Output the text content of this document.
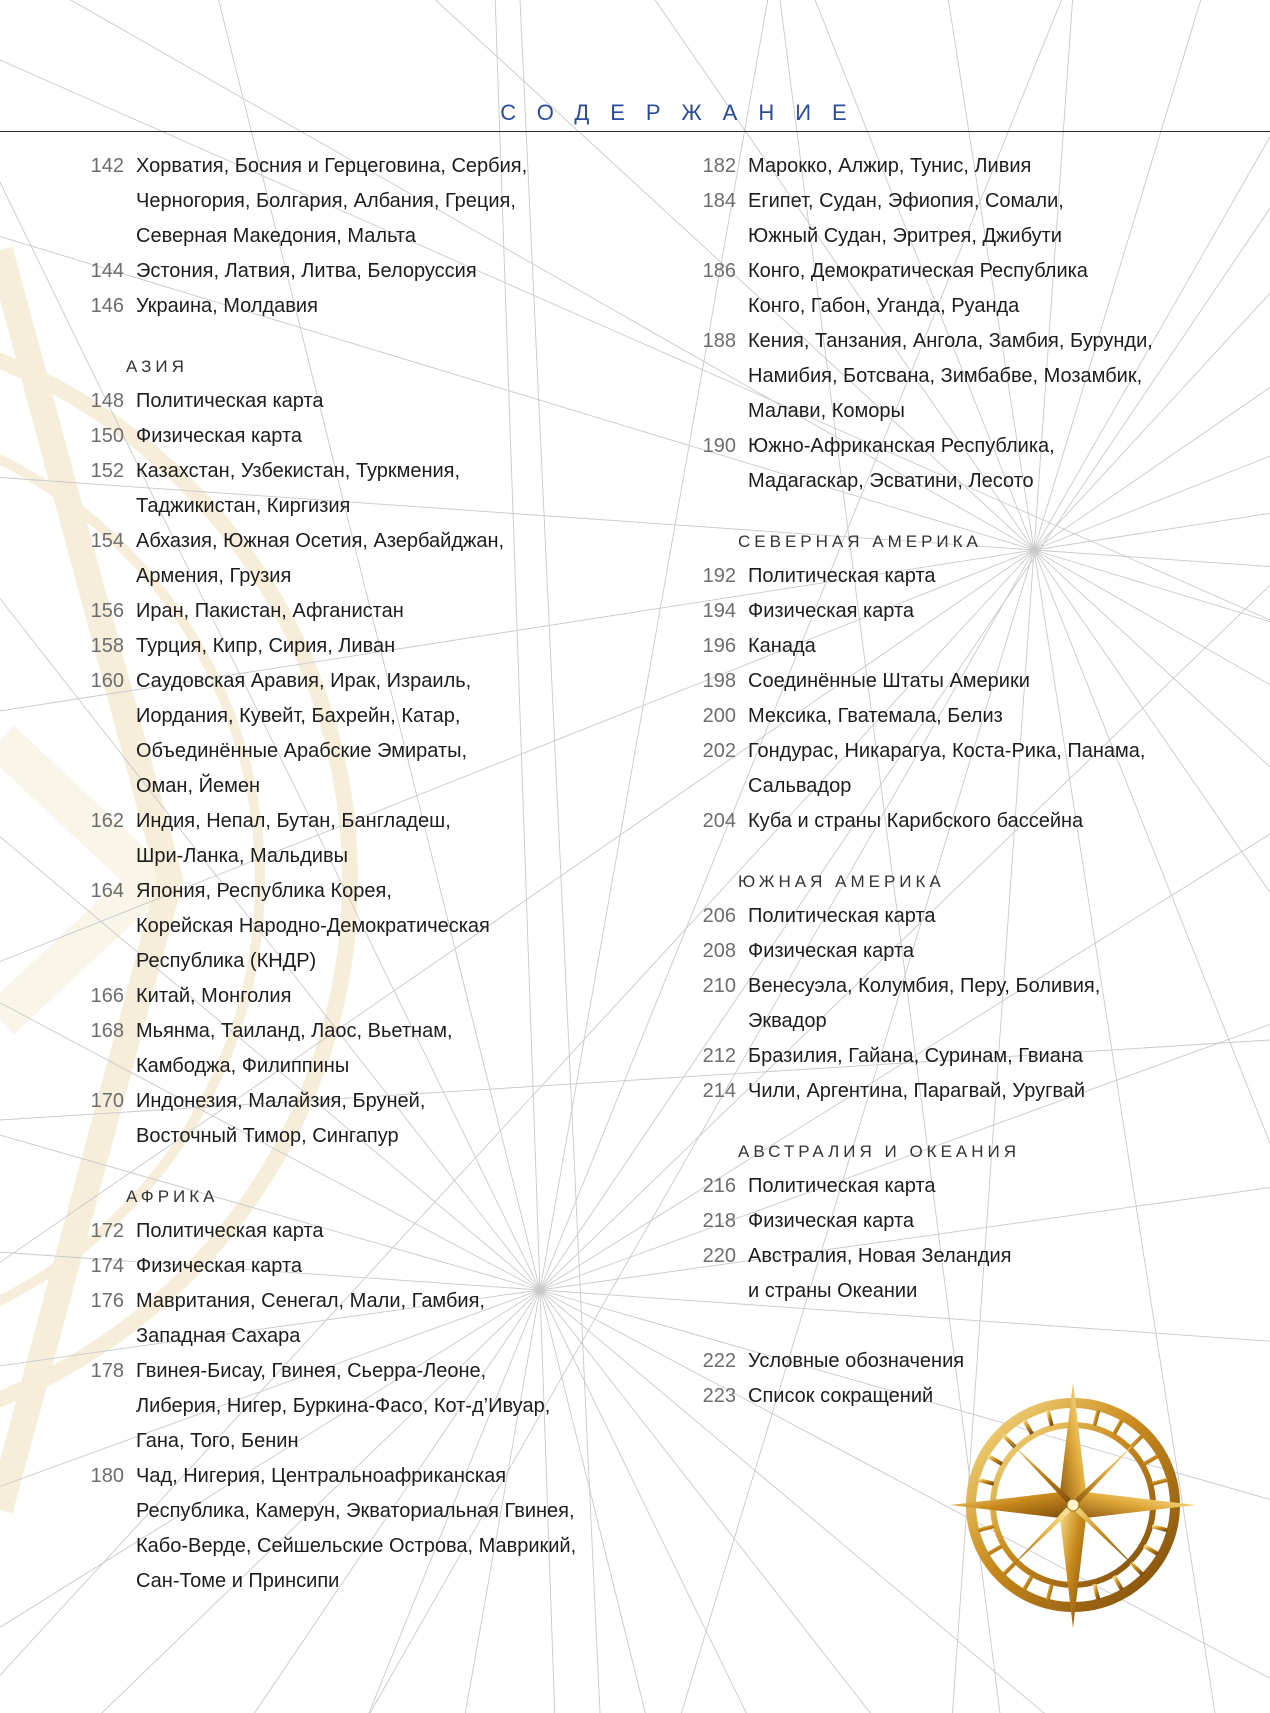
СОДЕРЖАНИЕ
142 Хорватия, Босния и Герцеговина, Сербия,
Черногория, Болгария, Албания, Греция,
Северная Македония, Мальта
144 Эстония, Латвия, Литва, Белоруссия
146 Украина, Молдавия
АЗИЯ
148 Политическая карта
150 Физическая карта
152 Казахстан, Узбекистан, Туркмения,
Таджикистан, Киргизия
154 Абхазия, Южная Осетия, Азербайджан,
Армения, Грузия
156 Иран, Пакистан, Афганистан
158 Турция, Кипр, Сирия, Ливан
160 Саудовская Аравия, Ирак, Израиль,
Иордания, Кувейт, Бахрейн, Катар,
Объединённые Арабские Эмираты,
Оман, Йемен
162 Индия, Непал, Бутан, Бангладеш,
Шри-Ланка, Мальдивы
164 Япония, Республика Корея,
Корейская Народно-Демократическая
Республика (КНДР)
166 Китай, Монголия
168 Мьянма, Таиланд, Лаос, Вьетнам,
Камбоджа, Филиппины
170 Индонезия, Малайзия, Бруней,
Восточный Тимор, Сингапур
АФРИКА
172 Политическая карта
174 Физическая карта
176 Мавритания, Сенегал, Мали, Гамбия,
Западная Сахара
178 Гвинея-Бисау, Гвинея, Сьерра-Леоне,
Либерия, Нигер, Буркина-Фасо, Кот-д’Ивуар,
Гана, Того, Бенин
180 Чад, Нигерия, Центральноафриканская
Республика, Камерун, Экваториальная Гвинея,
Кабо-Верде, Сейшельские Острова, Маврикий,
Сан-Томе и Принсипи
182 Марокко, Алжир, Тунис, Ливия
184 Египет, Судан, Эфиопия, Сомали,
Южный Судан, Эритрея, Джибути
186 Конго, Демократическая Республика
Конго, Габон, Уганда, Руанда
188 Кения, Танзания, Ангола, Замбия, Бурунди,
Намибия, Ботсвана, Зимбабве, Мозамбик,
Малави, Коморы
190 Южно-Африканская Республика,
Мадагаскар, Эсватини, Лесото
СЕВЕРНАЯ АМЕРИКА
192 Политическая карта
194 Физическая карта
196 Канада
198 Соединённые Штаты Америки
200 Мексика, Гватемала, Белиз
202 Гондурас, Никарагуа, Коста-Рика, Панама,
Сальвадор
204 Куба и страны Карибского бассейна
ЮЖНАЯ АМЕРИКА
206 Политическая карта
208 Физическая карта
210 Венесуэла, Колумбия, Перу, Боливия,
Эквадор
212 Бразилия, Гайана, Суринам, Гвиана
214 Чили, Аргентина, Парагвай, Уругвай
АВСТРАЛИЯ И ОКЕАНИЯ
216 Политическая карта
218 Физическая карта
220 Австралия, Новая Зеландия
и страны Океании
222 Условные обозначения
223 Список сокращений
